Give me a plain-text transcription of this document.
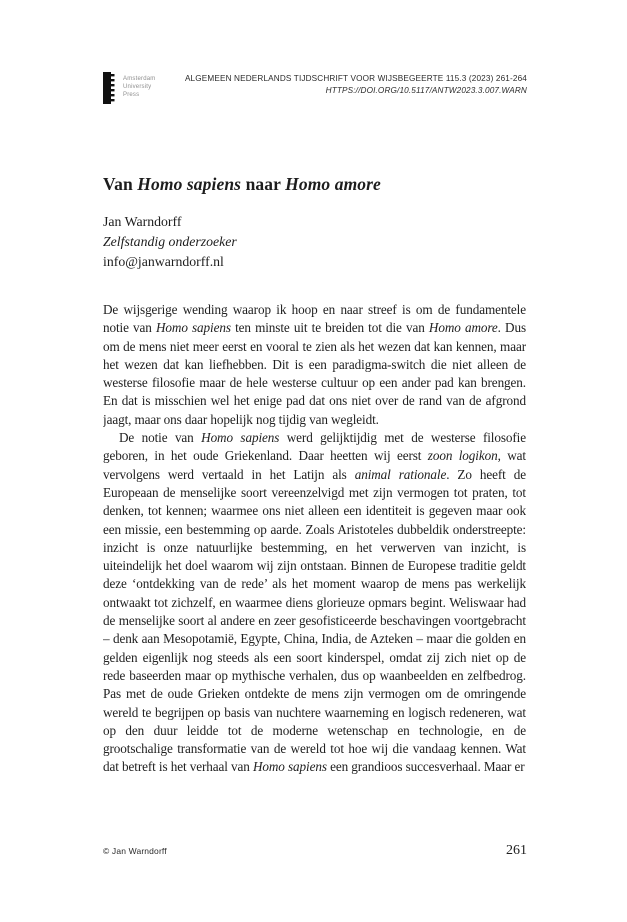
Amsterdam
University
Press
ALGEMEEN NEDERLANDS TIJDSCHRIFT VOOR WIJSBEGEERTE 115.3 (2023) 261-264
HTTPS://DOI.ORG/10.5117/ANTW2023.3.007.WARN
Van Homo sapiens naar Homo amore
Jan Warndorff
Zelfstandig onderzoeker
info@janwarndorff.nl

De wijsgerige wending waarop ik hoop en naar streef is om de fundamentele notie van Homo sapiens ten minste uit te breiden tot die van Homo amore. Dus om de mens niet meer eerst en vooral te zien als het wezen dat kan kennen, maar het wezen dat kan liefhebben. Dit is een paradigma-switch die niet alleen de westerse filosofie maar de hele westerse cultuur op een ander pad kan brengen. En dat is misschien wel het enige pad dat ons niet over de rand van de afgrond jaagt, maar ons daar hopelijk nog tijdig van wegleidt.

De notie van Homo sapiens werd gelijktijdig met de westerse filosofie geboren, in het oude Griekenland. Daar heetten wij eerst zoon logikon, wat vervolgens werd vertaald in het Latijn als animal rationale. Zo heeft de Europeaan de menselijke soort vereenzelvigd met zijn vermogen tot praten, tot denken, tot kennen; waarmee ons niet alleen een identiteit is gegeven maar ook een missie, een bestemming op aarde. Zoals Aristoteles dubbeldik onderstreepte: inzicht is onze natuurlijke bestemming, en het verwerven van inzicht, is uiteindelijk het doel waarom wij zijn ontstaan. Binnen de Europese traditie geldt deze ‘ontdekking van de rede’ als het moment waarop de mens pas werkelijk ontwaakt tot zichzelf, en waarmee diens glorieuze opmars begint. Weliswaar had de menselijke soort al andere en zeer gesofisticeerde beschavingen voortgebracht – denk aan Mesopotamië, Egypte, China, India, de Azteken – maar die golden en gelden eigenlijk nog steeds als een soort kinderspel, omdat zij zich niet op de rede baseerden maar op mythische verhalen, dus op waanbeelden en zelfbedrog. Pas met de oude Grieken ontdekte de mens zijn vermogen om de omringende wereld te begrijpen op basis van nuchtere waarneming en logisch redeneren, wat op den duur leidde tot de moderne wetenschap en technologie, en de grootschalige transformatie van de wereld tot hoe wij die vandaag kennen. Wat dat betreft is het verhaal van Homo sapiens een grandioos succesverhaal. Maar er

© Jan Warndorff	261
